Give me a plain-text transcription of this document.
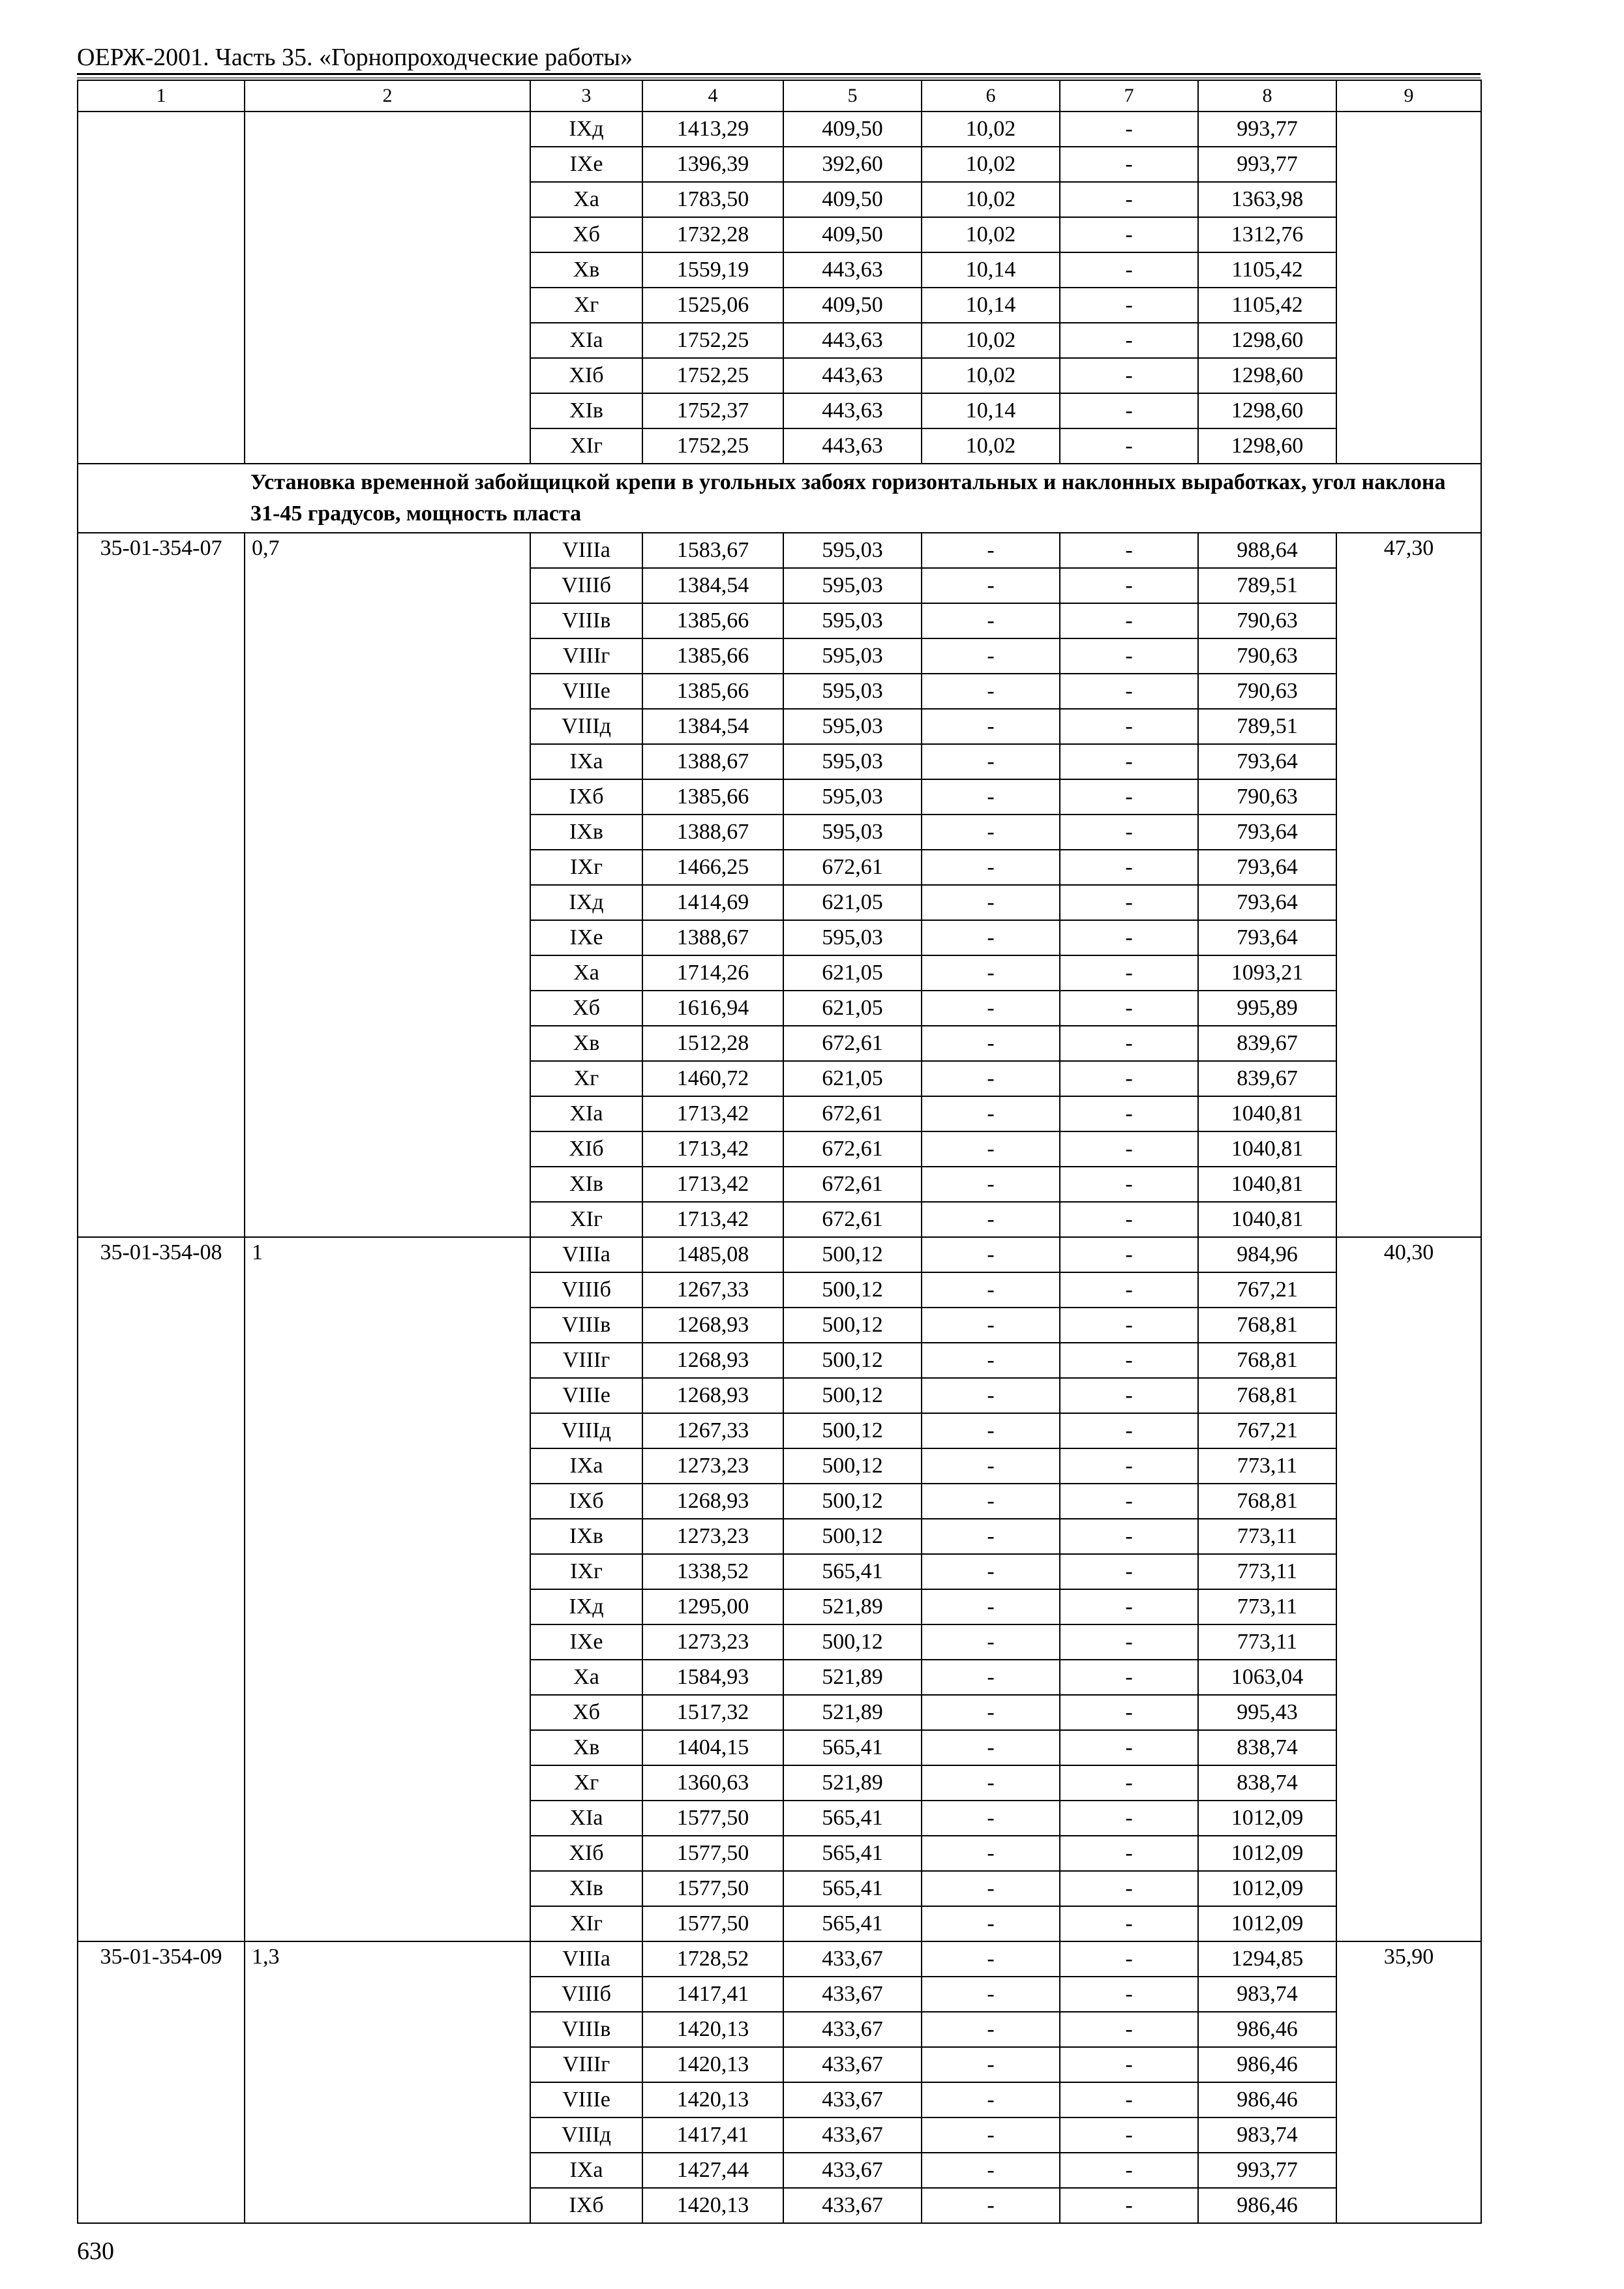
ОЕРЖ-2001. Часть 35. «Горнопроходческие работы»
1	2	3	4	5	6	7	8	9
		IXд	1413,29	409,50	10,02	-	993,77	
		IXе	1396,39	392,60	10,02	-	993,77	
		Xа	1783,50	409,50	10,02	-	1363,98	
		Xб	1732,28	409,50	10,02	-	1312,76	
		Xв	1559,19	443,63	10,14	-	1105,42	
		Xг	1525,06	409,50	10,14	-	1105,42	
		XIа	1752,25	443,63	10,02	-	1298,60	
		XIб	1752,25	443,63	10,02	-	1298,60	
		XIв	1752,37	443,63	10,14	-	1298,60	
		XIг	1752,25	443,63	10,02	-	1298,60	
Установка временной забойщицкой крепи в угольных забоях горизонтальных и наклонных выработках, угол наклона 31-45 градусов, мощность пласта								
35-01-354-07	0,7	VIIIа	1583,67	595,03	-	-	988,64	47,30
		VIIIб	1384,54	595,03	-	-	789,51	
		VIIIв	1385,66	595,03	-	-	790,63	
		VIIIг	1385,66	595,03	-	-	790,63	
		VIIIе	1385,66	595,03	-	-	790,63	
		VIIIд	1384,54	595,03	-	-	789,51	
		IXа	1388,67	595,03	-	-	793,64	
		IXб	1385,66	595,03	-	-	790,63	
		IXв	1388,67	595,03	-	-	793,64	
		IXг	1466,25	672,61	-	-	793,64	
		IXд	1414,69	621,05	-	-	793,64	
		IXе	1388,67	595,03	-	-	793,64	
		Xа	1714,26	621,05	-	-	1093,21	
		Xб	1616,94	621,05	-	-	995,89	
		Xв	1512,28	672,61	-	-	839,67	
		Xг	1460,72	621,05	-	-	839,67	
		XIа	1713,42	672,61	-	-	1040,81	
		XIб	1713,42	672,61	-	-	1040,81	
		XIв	1713,42	672,61	-	-	1040,81	
		XIг	1713,42	672,61	-	-	1040,81	
35-01-354-08	1	VIIIа	1485,08	500,12	-	-	984,96	40,30
		VIIIб	1267,33	500,12	-	-	767,21	
		VIIIв	1268,93	500,12	-	-	768,81	
		VIIIг	1268,93	500,12	-	-	768,81	
		VIIIе	1268,93	500,12	-	-	768,81	
		VIIIд	1267,33	500,12	-	-	767,21	
		IXа	1273,23	500,12	-	-	773,11	
		IXб	1268,93	500,12	-	-	768,81	
		IXв	1273,23	500,12	-	-	773,11	
		IXг	1338,52	565,41	-	-	773,11	
		IXд	1295,00	521,89	-	-	773,11	
		IXе	1273,23	500,12	-	-	773,11	
		Xа	1584,93	521,89	-	-	1063,04	
		Xб	1517,32	521,89	-	-	995,43	
		Xв	1404,15	565,41	-	-	838,74	
		Xг	1360,63	521,89	-	-	838,74	
		XIа	1577,50	565,41	-	-	1012,09	
		XIб	1577,50	565,41	-	-	1012,09	
		XIв	1577,50	565,41	-	-	1012,09	
		XIг	1577,50	565,41	-	-	1012,09	
35-01-354-09	1,3	VIIIа	1728,52	433,67	-	-	1294,85	35,90
		VIIIб	1417,41	433,67	-	-	983,74	
		VIIIв	1420,13	433,67	-	-	986,46	
		VIIIг	1420,13	433,67	-	-	986,46	
		VIIIе	1420,13	433,67	-	-	986,46	
		VIIIд	1417,41	433,67	-	-	983,74	
		IXа	1427,44	433,67	-	-	993,77	
		IXб	1420,13	433,67	-	-	986,46	
630
